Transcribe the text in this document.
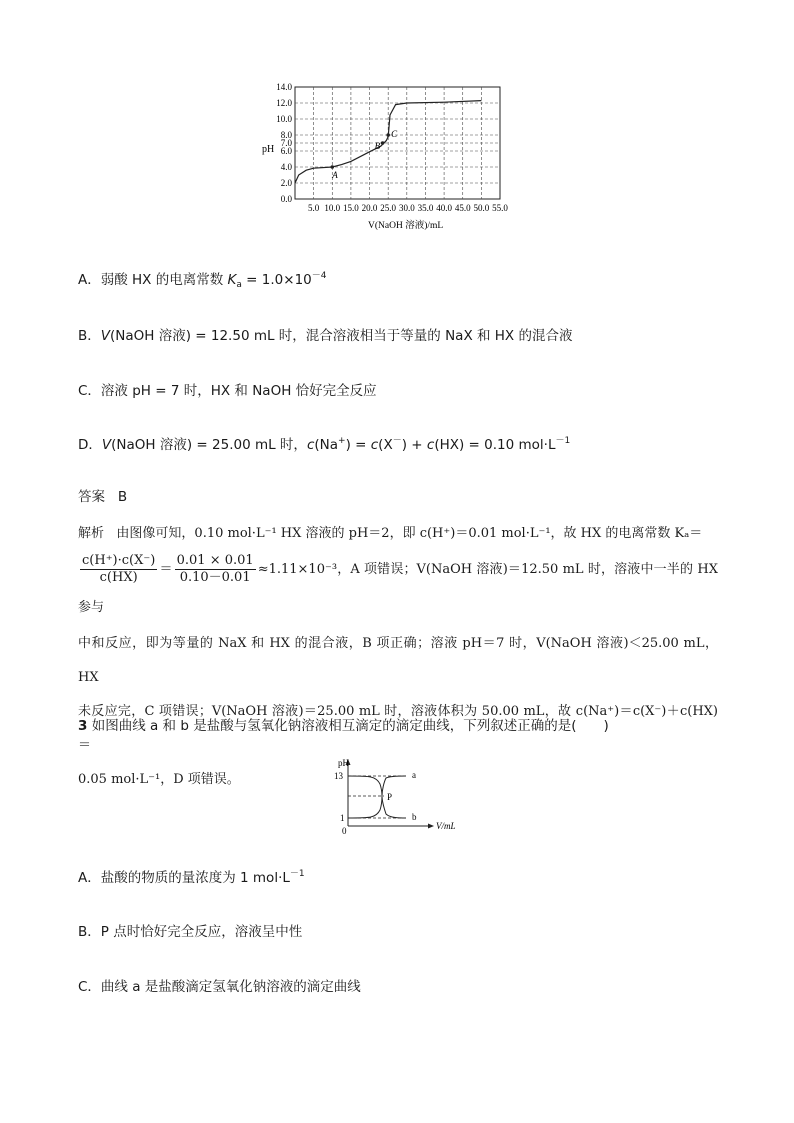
0.0
2.0
4.0
6.0
7.0
8.0
10.0
12.0
14.0
5.0 10.0 15.0 20.0 25.0 30.0 35.0 40.0 45.0 50.0 55.0
A
B
C
pH
V(NaOH 溶液)/mL
A．弱酸 HX 的电离常数 $K_a = 1.0\times 10^{-4}$
B．V(NaOH 溶液) = 12.50 mL 时，混合溶液相当于等量的 NaX 和 HX 的混合液
C．溶液 pH = 7 时，HX 和 NaOH 恰好完全反应
D．V(NaOH 溶液) = 25.00 mL 时，c(Na+) = c(X－) + c(HX) = 0.10 $mol\cdot L^{-1}$
答案 B
解析 由图像可知，0.10 mol·L⁻¹ HX 溶液的 pH＝2，即 c(H⁺)＝0.01 mol·L⁻¹，故 HX 的电离常数 Kₐ＝
$\frac{c(H^+)\cdot c(X^-)}{c(HX)} = \frac{0.01 \times 0.01}{0.10-0.01} \approx 1.11\times 10^{-3}$，A 项错误；V(NaOH 溶液)＝12.50 mL 时，溶液中一半的 HX 参与
中和反应，即为等量的 NaX 和 HX 的混合液，B 项正确；溶液 pH＝7 时，V(NaOH 溶液)＜25.00 mL，HX
未反应完，C 项错误；V(NaOH 溶液)＝25.00 mL 时，溶液体积为 50.00 mL，故 c(Na⁺)＝c(X⁻)＋c(HX)＝
0.05 mol·L⁻¹，D 项错误。
3 如图曲线 a 和 b 是盐酸与氢氧化钠溶液相互滴定的滴定曲线，下列叙述正确的是(　　)
pH
13
1
0
P
a
b
V/mL
A．盐酸的物质的量浓度为 1 $mol\cdot L^{-1}$
B．P 点时恰好完全反应，溶液呈中性
C．曲线 a 是盐酸滴定氢氧化钠溶液的滴定曲线
